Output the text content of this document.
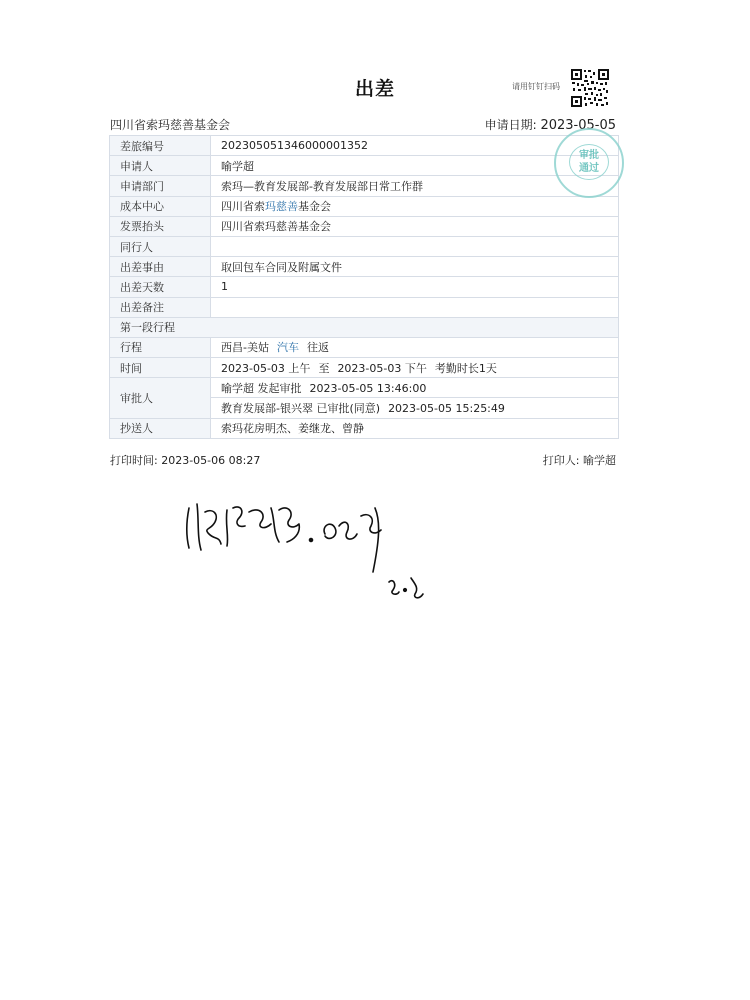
出差	请用钉钉扫码
四川省索玛慈善基金会	申请日期: 2023-05-05
差旅编号	202305051346000001352
申请人	喻学超
申请部门	索玛—教育发展部-教育发展部日常工作群
成本中心	四川省索玛慈善基金会
发票抬头	四川省索玛慈善基金会
同行人	
出差事由	取回包车合同及附属文件
出差天数	1
出差备注	
第一段行程	
行程	西昌-美姑 汽车 往返
时间	2023-05-03 上午 至 2023-05-03 下午 考勤时长1天
审批人	喻学超 发起审批 2023-05-05 13:46:00
	教育发展部-银兴翠 已审批(同意) 2023-05-05 15:25:49
抄送人	索玛花房明杰、姜继龙、曾静
审批
通过
打印时间: 2023-05-06 08:27	打印人: 喻学超
